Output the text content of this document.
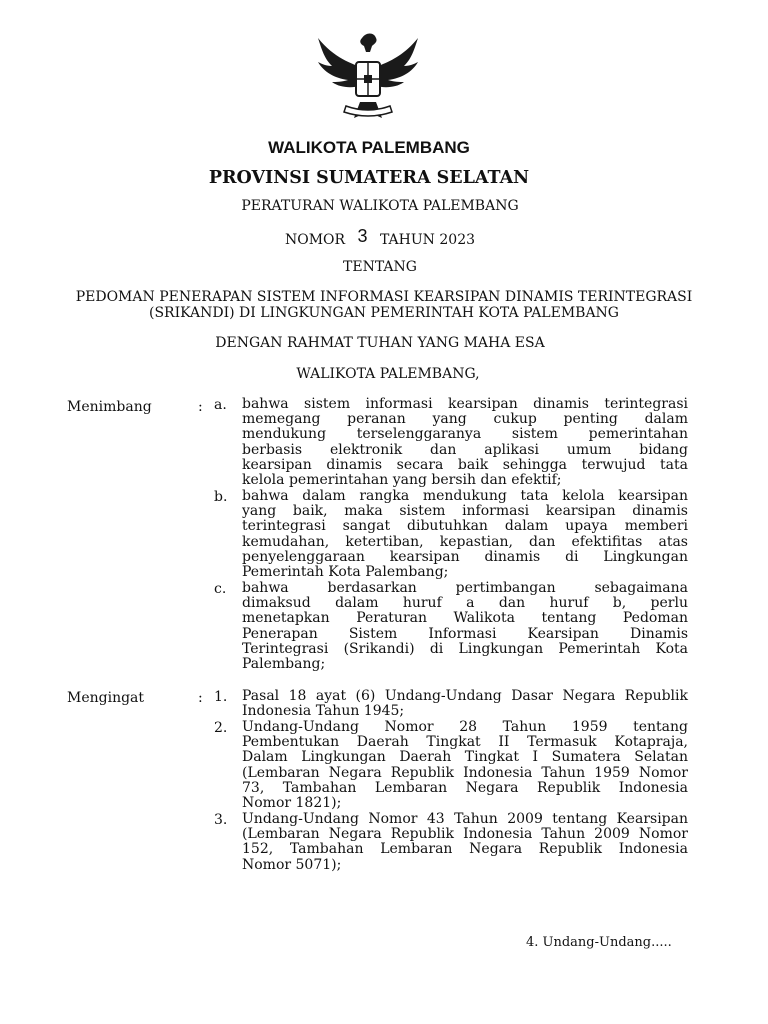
WALIKOTA PALEMBANG
PROVINSI SUMATERA SELATAN
PERATURAN WALIKOTA PALEMBANG
NOMOR 3 TAHUN 2023
TENTANG
PEDOMAN PENERAPAN SISTEM INFORMASI KEARSIPAN DINAMIS TERINTEGRASI
(SRIKANDI) DI LINGKUNGAN PEMERINTAH KOTA PALEMBANG
DENGAN RAHMAT TUHAN YANG MAHA ESA
WALIKOTA PALEMBANG,
Menimbang	: a. bahwa sistem informasi kearsipan dinamis terintegrasi
memegang peranan yang cukup penting dalam
mendukung terselenggaranya sistem pemerintahan
berbasis elektronik dan aplikasi umum bidang
kearsipan dinamis secara baik sehingga terwujud tata
kelola pemerintahan yang bersih dan efektif;
b. bahwa dalam rangka mendukung tata kelola kearsipan
yang baik, maka sistem informasi kearsipan dinamis
terintegrasi sangat dibutuhkan dalam upaya memberi
kemudahan, ketertiban, kepastian, dan efektifitas atas
penyelenggaraan kearsipan dinamis di Lingkungan
Pemerintah Kota Palembang;
c. bahwa berdasarkan pertimbangan sebagaimana
dimaksud dalam huruf a dan huruf b, perlu
menetapkan Peraturan Walikota tentang Pedoman
Penerapan Sistem Informasi Kearsipan Dinamis
Terintegrasi (Srikandi) di Lingkungan Pemerintah Kota
Palembang;
Mengingat	: 1. Pasal 18 ayat (6) Undang-Undang Dasar Negara Republik
Indonesia Tahun 1945;
2. Undang-Undang Nomor 28 Tahun 1959 tentang
Pembentukan Daerah Tingkat II Termasuk Kotapraja,
Dalam Lingkungan Daerah Tingkat I Sumatera Selatan
(Lembaran Negara Republik Indonesia Tahun 1959 Nomor
73, Tambahan Lembaran Negara Republik Indonesia
Nomor 1821);
3. Undang-Undang Nomor 43 Tahun 2009 tentang Kearsipan
(Lembaran Negara Republik Indonesia Tahun 2009 Nomor
152, Tambahan Lembaran Negara Republik Indonesia
Nomor 5071);
4. Undang-Undang.....
